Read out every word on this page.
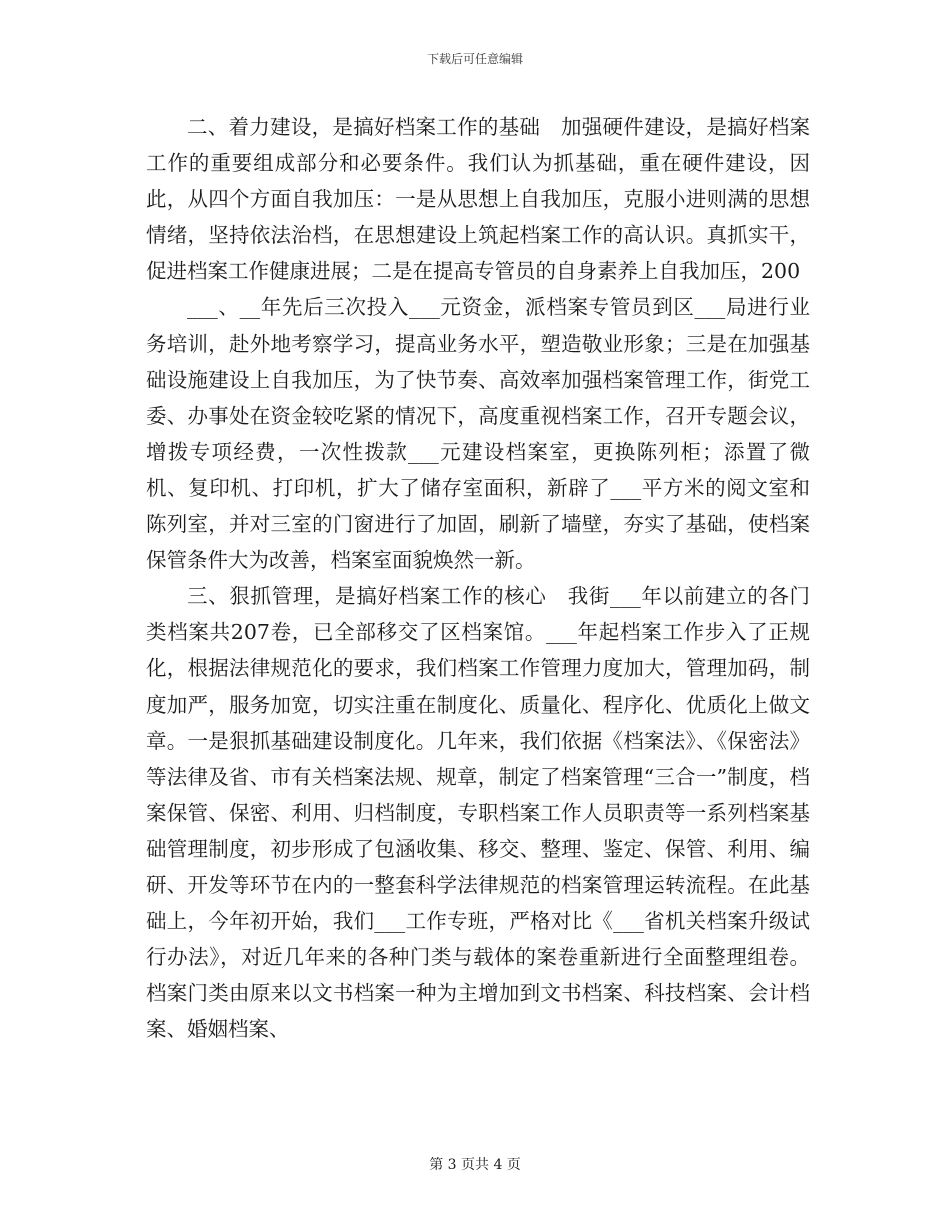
下载后可任意编辑

二、着力建设，是搞好档案工作的基础　加强硬件建设，是搞好档案工作的重要组成部分和必要条件。我们认为抓基础，重在硬件建设，因此，从四个方面自我加压：一是从思想上自我加压，克服小进则满的思想情绪，坚持依法治档，在思想建设上筑起档案工作的高认识。真抓实干，促进档案工作健康进展；二是在提高专管员的自身素养上自我加压，200

___、__年先后三次投入___元资金，派档案专管员到区___局进行业务培训，赴外地考察学习，提高业务水平，塑造敬业形象；三是在加强基础设施建设上自我加压，为了快节奏、高效率加强档案管理工作，街党工委、办事处在资金较吃紧的情况下，高度重视档案工作，召开专题会议，增拨专项经费，一次性拨款___元建设档案室，更换陈列柜；添置了微机、复印机、打印机，扩大了储存室面积，新辟了___平方米的阅文室和陈列室，并对三室的门窗进行了加固，刷新了墙壁，夯实了基础，使档案保管条件大为改善，档案室面貌焕然一新。

三、狠抓管理，是搞好档案工作的核心　我街___年以前建立的各门类档案共207卷，已全部移交了区档案馆。___年起档案工作步入了正规化，根据法律规范化的要求，我们档案工作管理力度加大，管理加码，制度加严，服务加宽，切实注重在制度化、质量化、程序化、优质化上做文章。一是狠抓基础建设制度化。几年来，我们依据《档案法》、《保密法》等法律及省、市有关档案法规、规章，制定了档案管理“三合一”制度，档案保管、保密、利用、归档制度，专职档案工作人员职责等一系列档案基础管理制度，初步形成了包涵收集、移交、整理、鉴定、保管、利用、编研、开发等环节在内的一整套科学法律规范的档案管理运转流程。在此基础上，今年初开始，我们___工作专班，严格对比《___省机关档案升级试行办法》，对近几年来的各种门类与载体的案卷重新进行全面整理组卷。档案门类由原来以文书档案一种为主增加到文书档案、科技档案、会计档案、婚姻档案、

第 3 页共 4 页
